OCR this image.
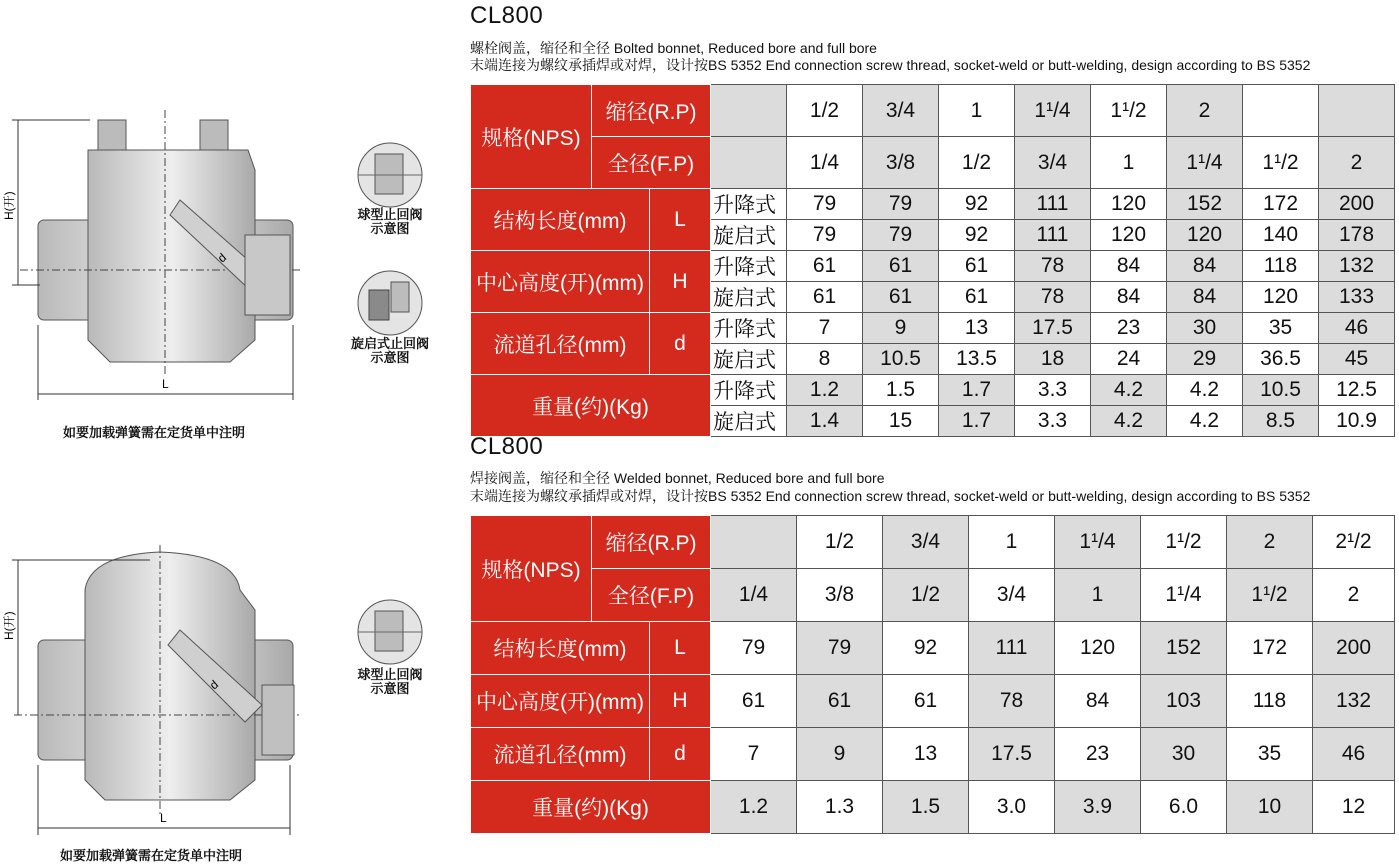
CL800
螺栓阀盖，缩径和全径 Bolted bonnet, Reduced bore and full bore
末端连接为螺纹承插焊或对焊，设计按BS 5352 End connection screw thread, socket-weld or butt-welding, design according to BS 5352
d
H(开)
L
如要加载弹簧需在定货单中注明
球型止回阀
示意图
旋启式止回阀
示意图
规格(NPS)	缩径(R.P)			1/2	3/4	1	1¹/4	1¹/2	2		
	全径(F.P)			1/4	3/8	1/2	3/4	1	1¹/4	1¹/2	2
结构长度(mm)		L	升降式	79	79	92	111	120	152	172	200
			旋启式	79	79	92	111	120	120	140	178
中心高度(开)(mm)		H	升降式	61	61	61	78	84	84	118	132
			旋启式	61	61	61	78	84	84	120	133
流道孔径(mm)		d	升降式	7	9	13	17.5	23	30	35	46
			旋启式	8	10.5	13.5	18	24	29	36.5	45
重量(约)(Kg)			升降式	1.2	1.5	1.7	3.3	4.2	4.2	10.5	12.5
			旋启式	1.4	15	1.7	3.3	4.2	4.2	8.5	10.9
CL800
焊接阀盖，缩径和全径 Welded bonnet, Reduced bore and full bore
末端连接为螺纹承插焊或对焊，设计按BS 5352 End connection screw thread, socket-weld or butt-welding, design according to BS 5352
d
H(开)
L
如要加载弹簧需在定货单中注明
球型止回阀
示意图
规格(NPS)	缩径(R.P)			1/2	3/4	1	1¹/4	1¹/2	2	2¹/2
	全径(F.P)		1/4	3/8	1/2	3/4	1	1¹/4	1¹/2	2
结构长度(mm)		L	79	79	92	111	120	152	172	200
中心高度(开)(mm)		H	61	61	61	78	84	103	118	132
流道孔径(mm)		d	7	9	13	17.5	23	30	35	46
重量(约)(Kg)			1.2	1.3	1.5	3.0	3.9	6.0	10	12
